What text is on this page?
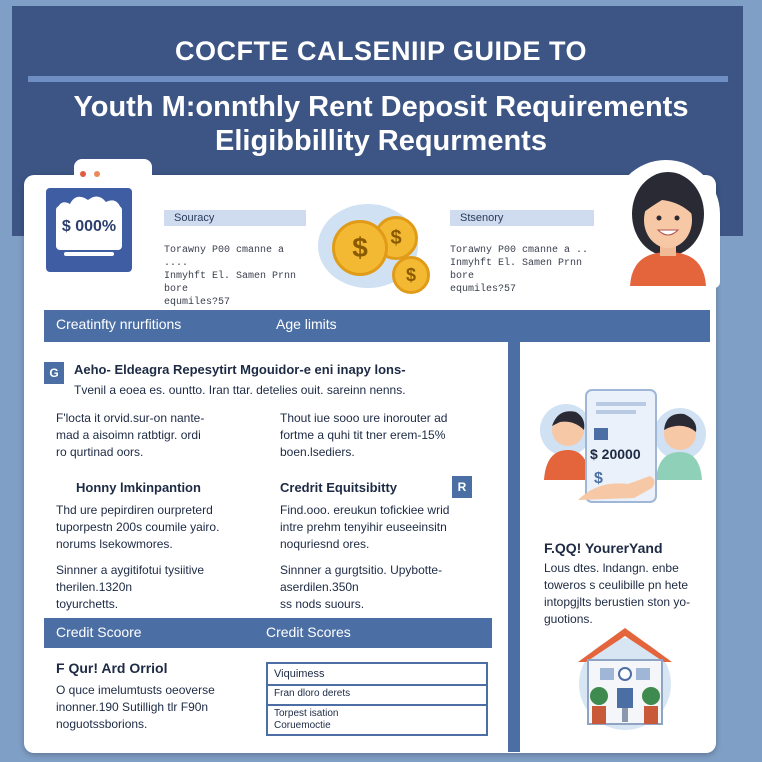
COCFTE CALSENIIP GUIDE TO
Youth M:onnthly Rent Deposit Requirements
Eligibbillity Requrments
$ 000%	Souracy
Torawny P00 cmanne a ....
Inmyhft El. Samen Prnn bore
equmiles?57
$
$
$
Stsenory
Torawny P00 cmanne a ..
Inmyhft El. Samen Prnn bore
equmiles?57
Creatinfty nrurfitions	Age limits
G	Aeho- Eldeagra Repesytirt Mgouidor-e eni inapy lons-
Tvenil a eoea es. ountto. Iran ttar. detelies ouit. sareinn nenns.
F'locta it orvid.sur-on nante-
mad a aisoimn ratbtigr. ordi
ro qurtinad oors.
Thout iue sooo ure inorouter ad
fortme a quhi tit tner erem-15%
boen.lsediers.
Honny lmkinpantion	Credrit Equitsibitty	R
Thd ure pepirdiren ourpreterd
tuporpestn 200s coumile yairo.
norums lsekowmores.
Find.ooo. ereukun tofickiee wrid
intre prehm tenyihir euseeinsitn
noquriesnd ores.
Sinnner a aygitifotui tysiitive
therilen.1320n
toyurchetts.
Sinnner a gurgtsitio. Upybotte-
aserdilen.350n
ss nods suours.
Credit Scoore	Credit Scores
F Qur! Ard Orriol
O quce imelumtusts oeoverse
inonner.190 Sutilligh tlr F90n
noguotssborions.
Viquimess
Fran dloro derets
Torpest isation
Coruemoctie
$ 20000
$
F.QQ! YourerYand
Lous dtes. lndangn. enbe
toweros s ceulibille pn hete
intopgjlts berustien ston yo-
guotions.
